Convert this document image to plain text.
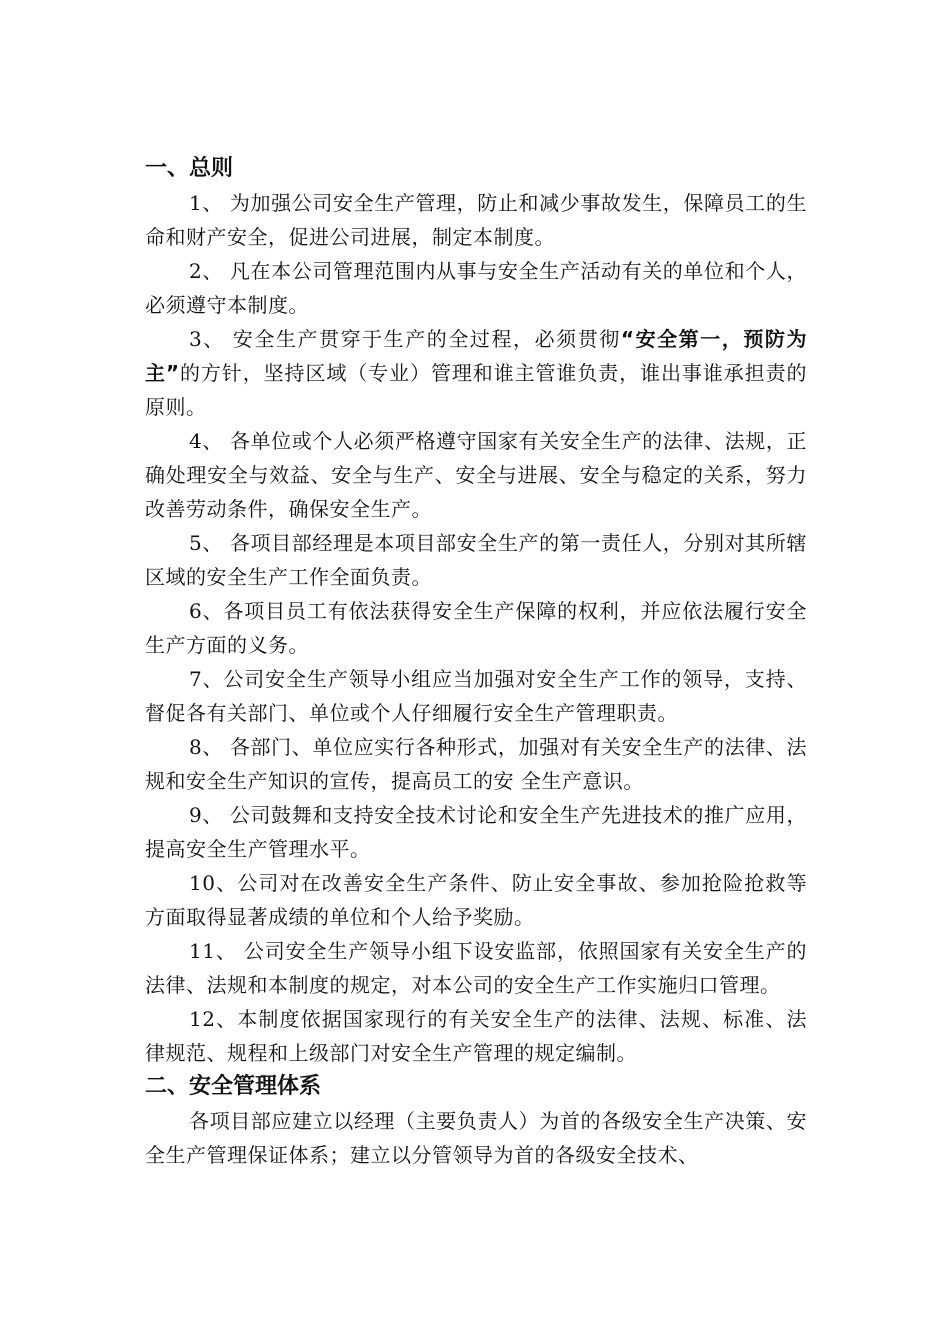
一、总则

1、 为加强公司安全生产管理，防止和减少事故发生，保障员工的生命和财产安全，促进公司进展，制定本制度。

2、 凡在本公司管理范围内从事与安全生产活动有关的单位和个人，必须遵守本制度。

3、 安全生产贯穿于生产的全过程，必须贯彻“安全第一，预防为主”的方针，坚持区域（专业）管理和谁主管谁负责，谁出事谁承担责的原则。

4、 各单位或个人必须严格遵守国家有关安全生产的法律、法规，正确处理安全与效益、安全与生产、安全与进展、安全与稳定的关系，努力改善劳动条件，确保安全生产。

5、 各项目部经理是本项目部安全生产的第一责任人，分别对其所辖区域的安全生产工作全面负责。

6、各项目员工有依法获得安全生产保障的权利，并应依法履行安全生产方面的义务。

7、公司安全生产领导小组应当加强对安全生产工作的领导，支持、督促各有关部门、单位或个人仔细履行安全生产管理职责。

8、 各部门、单位应实行各种形式，加强对有关安全生产的法律、法规和安全生产知识的宣传，提高员工的安 全生产意识。

9、 公司鼓舞和支持安全技术讨论和安全生产先进技术的推广应用，提高安全生产管理水平。

10、公司对在改善安全生产条件、防止安全事故、参加抢险抢救等方面取得显著成绩的单位和个人给予奖励。

11、 公司安全生产领导小组下设安监部，依照国家有关安全生产的法律、法规和本制度的规定，对本公司的安全生产工作实施归口管理。

12、本制度依据国家现行的有关安全生产的法律、法规、标准、法律规范、规程和上级部门对安全生产管理的规定编制。

二、安全管理体系

各项目部应建立以经理（主要负责人）为首的各级安全生产决策、安全生产管理保证体系；建立以分管领导为首的各级安全技术、
